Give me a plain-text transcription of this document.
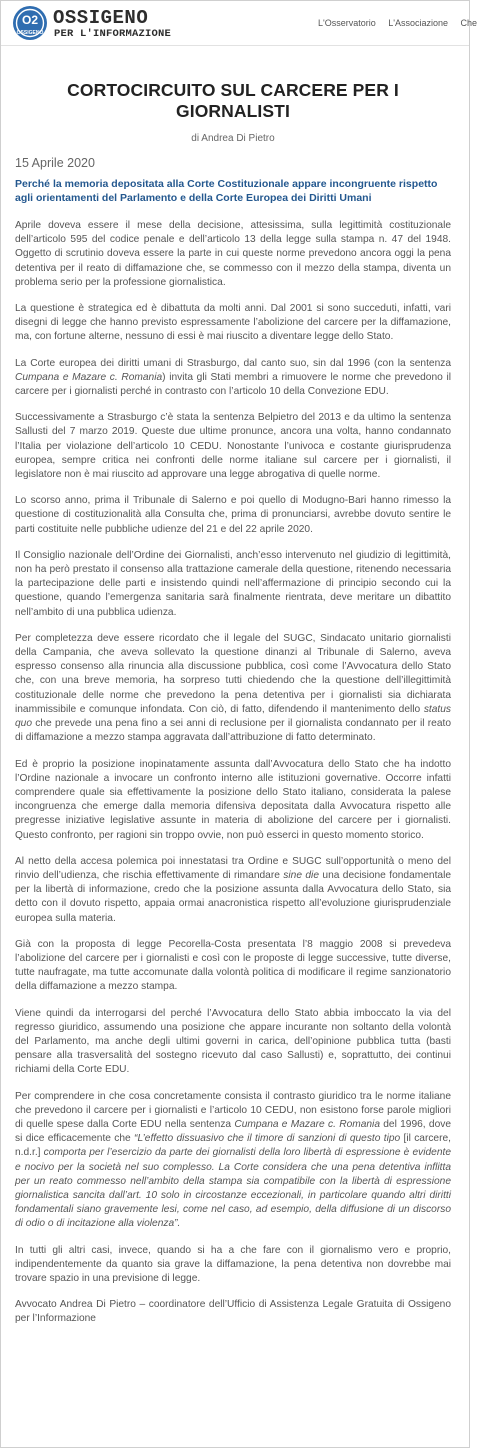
O2
OSSIGENO
OSSIGENO
PER L'INFORMAZIONE
L'Osservatorio L'Associazione Che
CORTOCIRCUITO SUL CARCERE PER I GIORNALISTI
di Andrea Di Pietro
15 Aprile 2020
Perché la memoria depositata alla Corte Costituzionale appare incongruente rispetto agli orientamenti del Parlamento e della Corte Europea dei Diritti Umani

Aprile doveva essere il mese della decisione, attesissima, sulla legittimità costituzionale dell’articolo 595 del codice penale e dell’articolo 13 della legge sulla stampa n. 47 del 1948. Oggetto di scrutinio doveva essere la parte in cui queste norme prevedono ancora oggi la pena detentiva per il reato di diffamazione che, se commesso con il mezzo della stampa, diventa un problema serio per la professione giornalistica.

La questione è strategica ed è dibattuta da molti anni. Dal 2001 si sono succeduti, infatti, vari disegni di legge che hanno previsto espressamente l’abolizione del carcere per la diffamazione, ma, con fortune alterne, nessuno di essi è mai riuscito a diventare legge dello Stato.

La Corte europea dei diritti umani di Strasburgo, dal canto suo, sin dal 1996 (con la sentenza Cumpana e Mazare c. Romania) invita gli Stati membri a rimuovere le norme che prevedono il carcere per i giornalisti perché in contrasto con l’articolo 10 della Convezione EDU.

Successivamente a Strasburgo c’è stata la sentenza Belpietro del 2013 e da ultimo la sentenza Sallusti del 7 marzo 2019. Queste due ultime pronunce, ancora una volta, hanno condannato l’Italia per violazione dell’articolo 10 CEDU. Nonostante l’univoca e costante giurisprudenza europea, sempre critica nei confronti delle norme italiane sul carcere per i giornalisti, il legislatore non è mai riuscito ad approvare una legge abrogativa di quelle norme.

Lo scorso anno, prima il Tribunale di Salerno e poi quello di Modugno-Bari hanno rimesso la questione di costituzionalità alla Consulta che, prima di pronunciarsi, avrebbe dovuto sentire le parti costituite nelle pubbliche udienze del 21 e del 22 aprile 2020.

Il Consiglio nazionale dell’Ordine dei Giornalisti, anch’esso intervenuto nel giudizio di legittimità, non ha però prestato il consenso alla trattazione camerale della questione, ritenendo necessaria la partecipazione delle parti e insistendo quindi nell’affermazione di principio secondo cui la questione, quando l’emergenza sanitaria sarà finalmente rientrata, deve meritare un dibattito nell’ambito di una pubblica udienza.

Per completezza deve essere ricordato che il legale del SUGC, Sindacato unitario giornalisti della Campania, che aveva sollevato la questione dinanzi al Tribunale di Salerno, aveva espresso consenso alla rinuncia alla discussione pubblica, così come l’Avvocatura dello Stato che, con una breve memoria, ha sorpreso tutti chiedendo che la questione dell’illegittimità costituzionale delle norme che prevedono la pena detentiva per i giornalisti sia dichiarata inammissibile e comunque infondata. Con ciò, di fatto, difendendo il mantenimento dello status quo che prevede una pena fino a sei anni di reclusione per il giornalista condannato per il reato di diffamazione a mezzo stampa aggravata dall’attribuzione di fatto determinato.

Ed è proprio la posizione inopinatamente assunta dall’Avvocatura dello Stato che ha indotto l’Ordine nazionale a invocare un confronto interno alle istituzioni governative. Occorre infatti comprendere quale sia effettivamente la posizione dello Stato italiano, considerata la palese incongruenza che emerge dalla memoria difensiva depositata dalla Avvocatura rispetto alle pregresse iniziative legislative assunte in materia di abolizione del carcere per i giornalisti. Questo confronto, per ragioni sin troppo ovvie, non può esserci in questo momento storico.

Al netto della accesa polemica poi innestatasi tra Ordine e SUGC sull’opportunità o meno del rinvio dell’udienza, che rischia effettivamente di rimandare sine die una decisione fondamentale per la libertà di informazione, credo che la posizione assunta dalla Avvocatura dello Stato, sia detto con il dovuto rispetto, appaia ormai anacronistica rispetto all’evoluzione giurisprudenziale europea sulla materia.

Già con la proposta di legge Pecorella-Costa presentata l’8 maggio 2008 si prevedeva l’abolizione del carcere per i giornalisti e così con le proposte di legge successive, tutte diverse, tutte naufragate, ma tutte accomunate dalla volontà politica di modificare il regime sanzionatorio della diffamazione a mezzo stampa.

Viene quindi da interrogarsi del perché l’Avvocatura dello Stato abbia imboccato la via del regresso giuridico, assumendo una posizione che appare incurante non soltanto della volontà del Parlamento, ma anche degli ultimi governi in carica, dell’opinione pubblica tutta (basti pensare alla trasversalità del sostegno ricevuto dal caso Sallusti) e, soprattutto, dei continui richiami della Corte EDU.

Per comprendere in che cosa concretamente consista il contrasto giuridico tra le norme italiane che prevedono il carcere per i giornalisti e l’articolo 10 CEDU, non esistono forse parole migliori di quelle spese dalla Corte EDU nella sentenza Cumpana e Mazare c. Romania del 1996, dove si dice efficacemente che “L’effetto dissuasivo che il timore di sanzioni di questo tipo [il carcere, n.d.r.] comporta per l’esercizio da parte dei giornalisti della loro libertà di espressione è evidente e nocivo per la società nel suo complesso. La Corte considera che una pena detentiva inflitta per un reato commesso nell’ambito della stampa sia compatibile con la libertà di espressione giornalistica sancita dall’art. 10 solo in circostanze eccezionali, in particolare quando altri diritti fondamentali siano gravemente lesi, come nel caso, ad esempio, della diffusione di un discorso di odio o di incitazione alla violenza”.

In tutti gli altri casi, invece, quando si ha a che fare con il giornalismo vero e proprio, indipendentemente da quanto sia grave la diffamazione, la pena detentiva non dovrebbe mai trovare spazio in una previsione di legge.

Avvocato Andrea Di Pietro – coordinatore dell’Ufficio di Assistenza Legale Gratuita di Ossigeno per l’Informazione
